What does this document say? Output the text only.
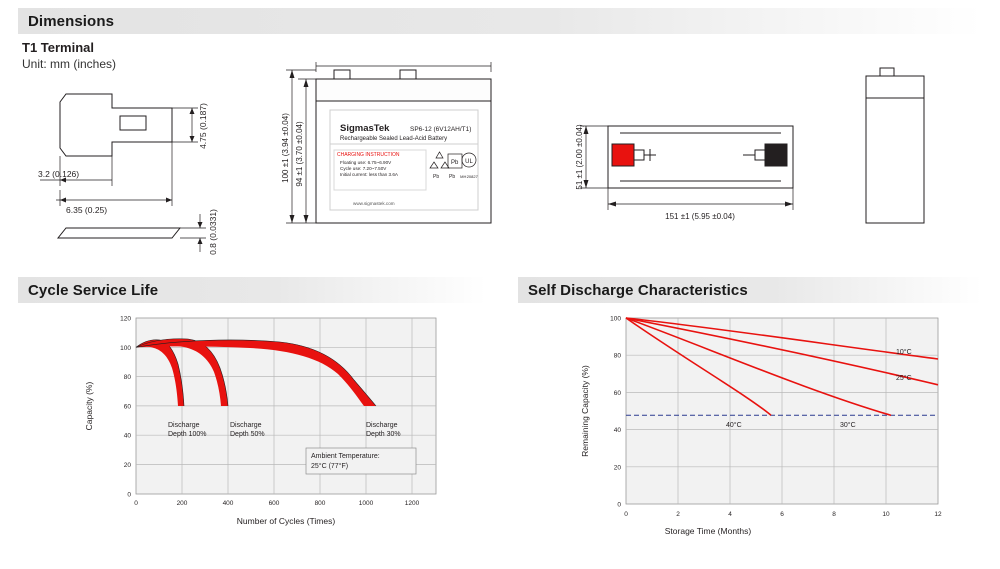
Dimensions
T1 Terminal
Unit: mm (inches)
4.75 (0.187)
3.2 (0.126)
6.35 (0.25)	0.8 (0.0331)
SigmasTek	SP6-12 (6V12AH/T1)
Rechargeable Sealed Lead-Acid Battery
CHARGING INSTRUCTION
Floating use: 6.75~6.90V
Cycle use: 7.20~7.50V
Initial current: less than 3.6A
www.sigmastek.com
Pb
Pb
Pb
UL
MH 20827
100 ±1 (3.94 ±0.04) 94 ±1 (3.70 ±0.04)	51 ±1 (2.00 ±0.04)
151 ±1 (5.95 ±0.04)
Cycle Service Life
120
100
80
60
40
20
0
0	200	400	600	800	1000	1200
Discharge
Depth 100%
Discharge
Depth 50%
Discharge
Depth 30%
Ambient Temperature:
25°C (77°F)
Capacity (%)
Number of Cycles (Times)
Self Discharge Characteristics
100
80
60
40
20
0
0	2	4	6	8	10	12
10°C
25°C
40°C	30°C
Remaining Capacity (%)
Storage Time (Months)
